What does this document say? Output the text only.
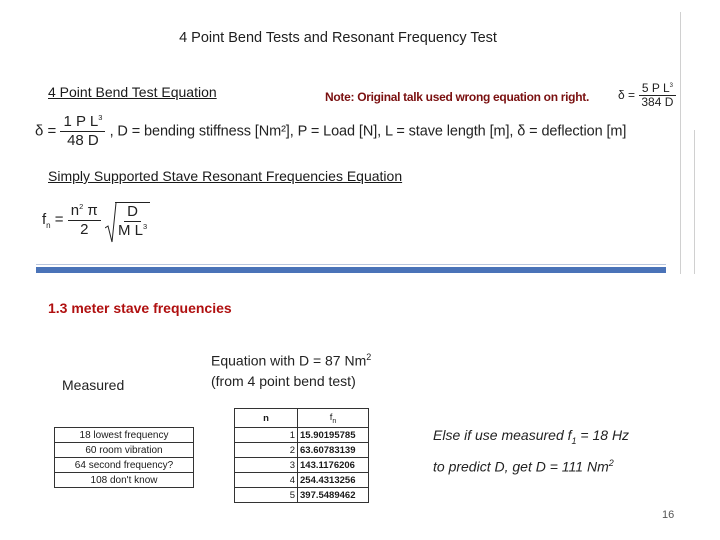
4 Point Bend Tests and Resonant Frequency Test
4 Point Bend Test Equation	Note: Original talk used wrong equation on right. $\delta = \frac{5 P L^3}{384 D}$
$\delta = \frac{1 P L^3}{48 D}$ , D = bending stiffness [Nm²], P = Load [N], L = stave length [m], δ = deflection [m]
Simply Supported Stave Resonant Frequencies Equation
$f_n = \frac{n^2 \pi}{2}$
$\frac{D}{M L^3}$
1.3 meter stave frequencies
Measured
Equation with D = 87 Nm$^2$
(from 4 point bend test)
18 lowest frequency
60 room vibration
64 second frequency?
108 don't know
n	$f_n$
1	15.90195785
2	63.60783139
3	143.1176206
4	254.4313256
5	397.5489462
Else if use measured $f_1 = 18$ Hz
to predict D, get D = 111 Nm$^2$
16
